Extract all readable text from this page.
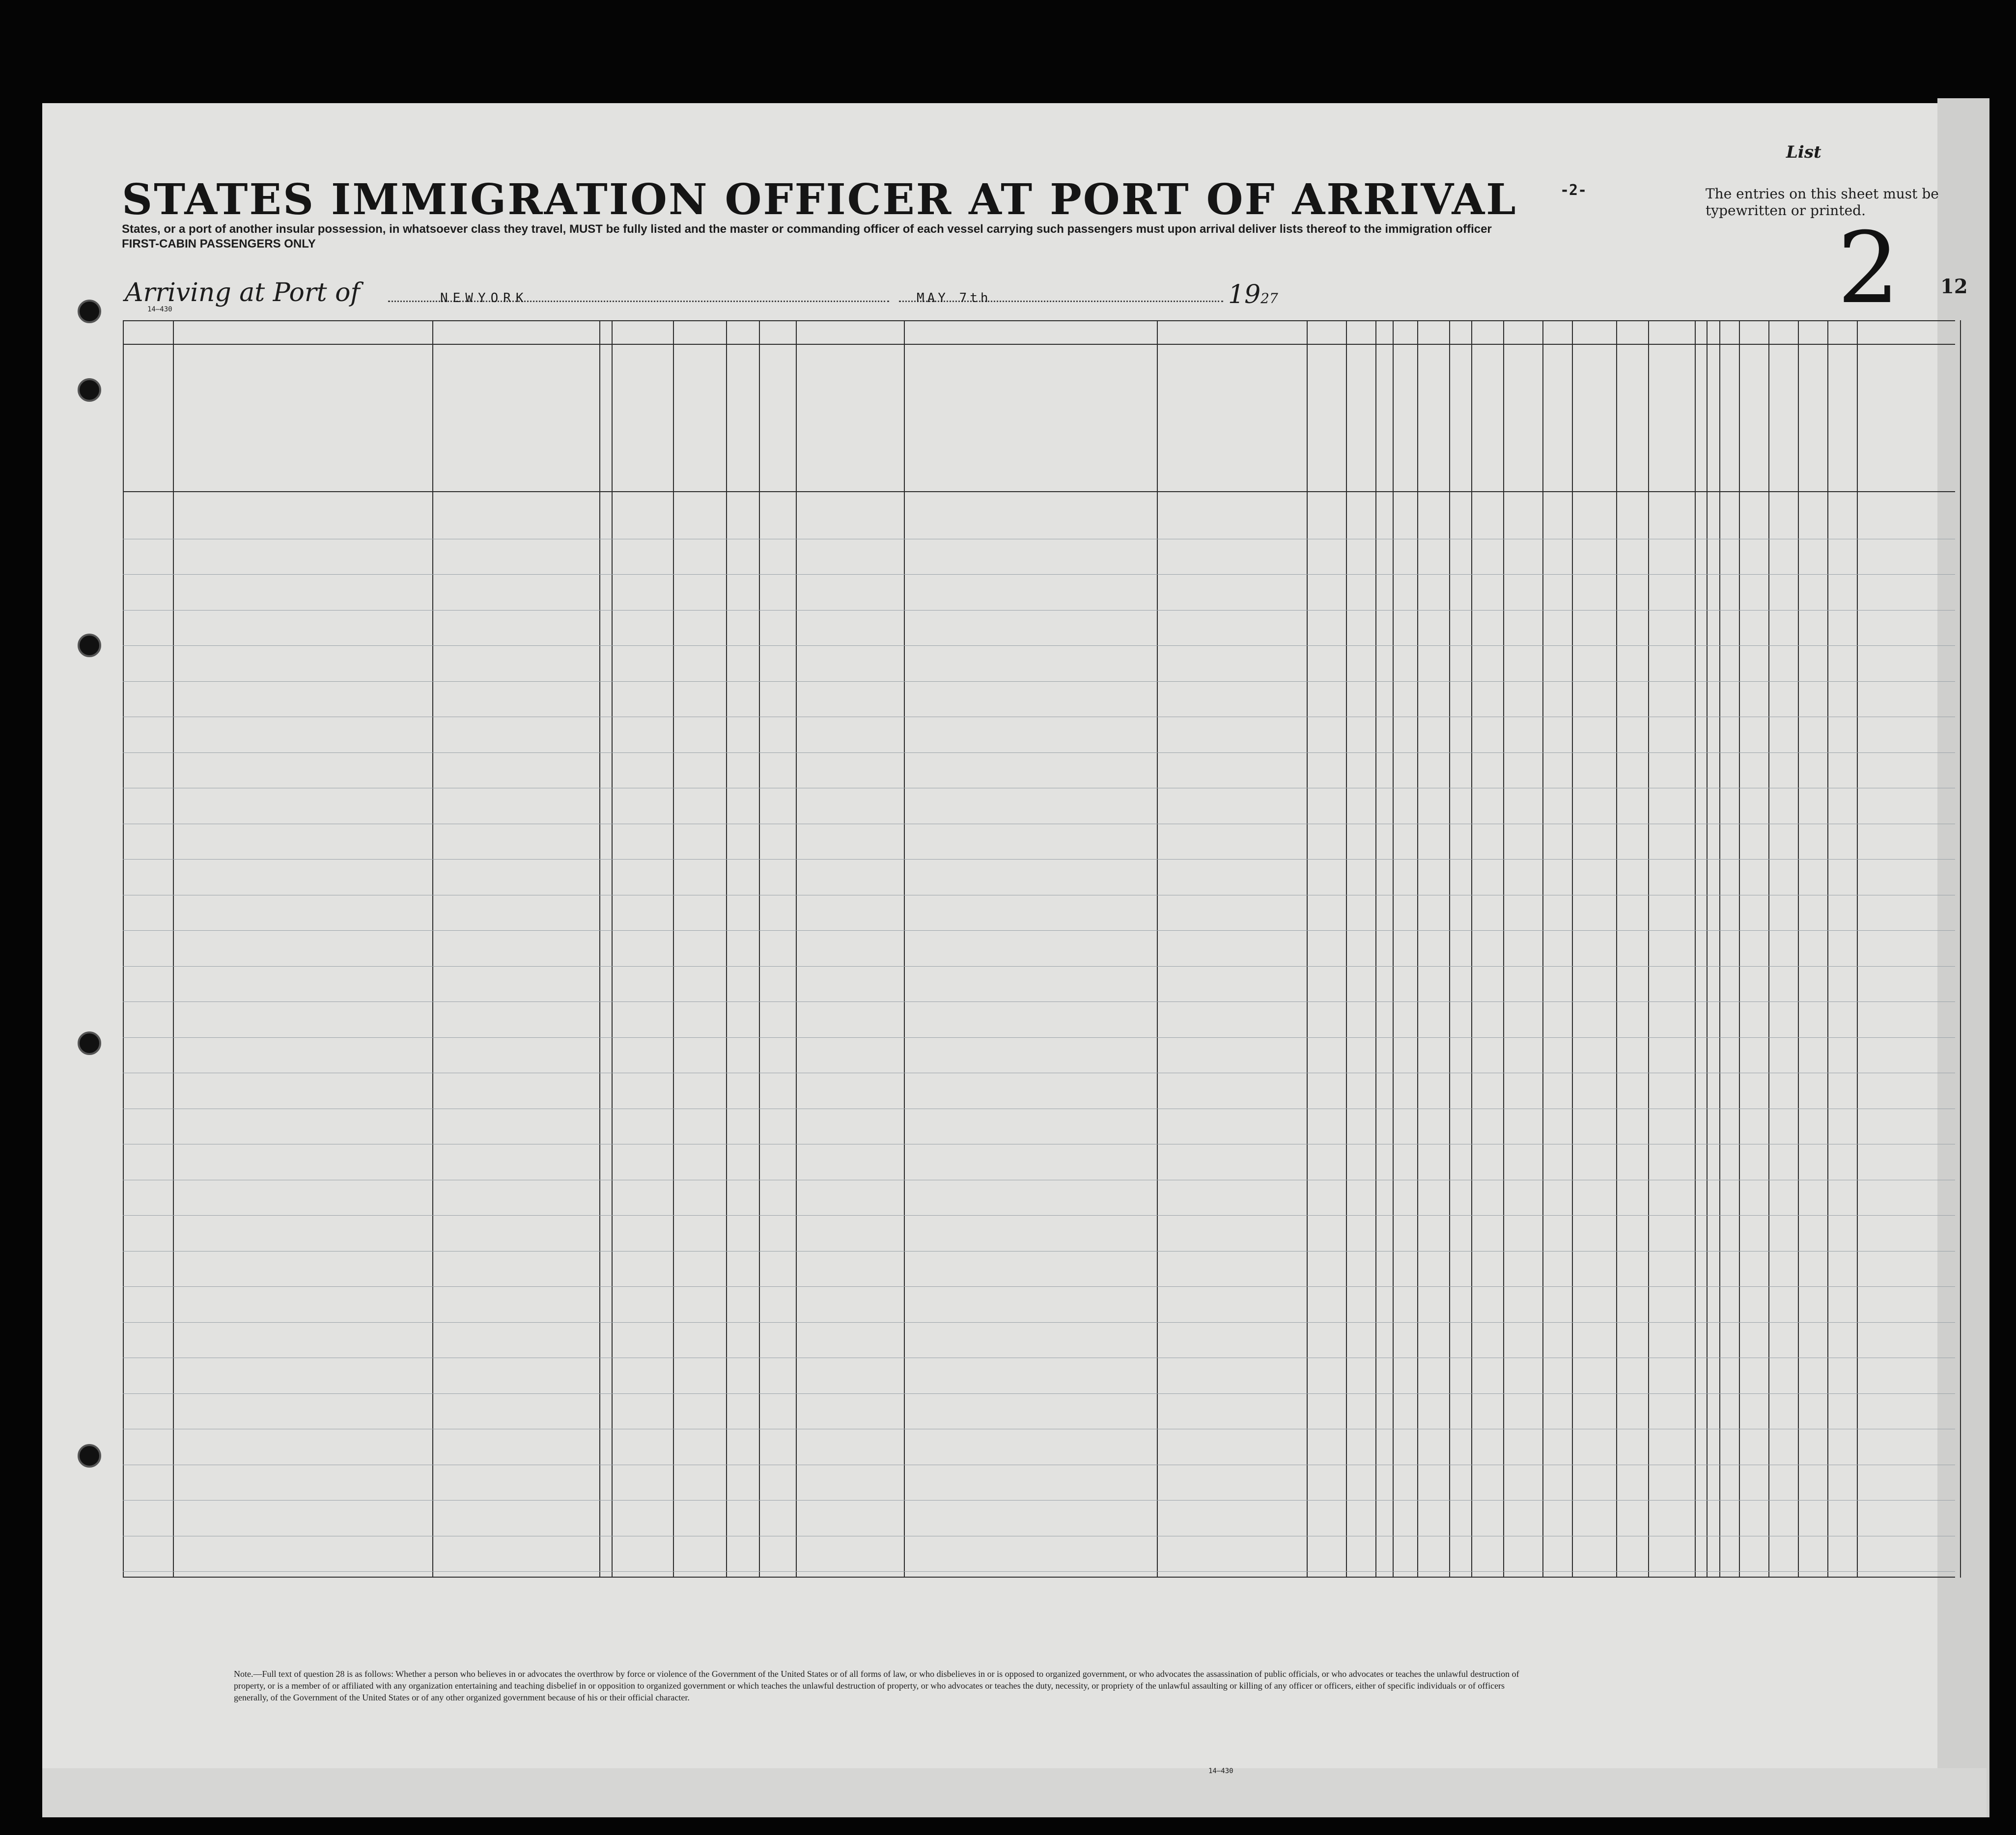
STATES IMMIGRATION OFFICER AT PORT OF ARRIVAL	-2-
List
The entries on this sheet must be typewritten or printed.
2 12
States, or a port of another insular possession, in whatsoever class they travel, MUST be fully listed and the master or commanding officer of each vessel carrying such passengers must upon arrival deliver lists thereof to the immigration officer
FIRST-CABIN PASSENGERS ONLY
Arriving at Port of	NEWYORK	MAY 7th	1927
14—430
Note.—Full text of question 28 is as follows: Whether a person who believes in or advocates the overthrow by force or violence of the Government of the United States or of all forms of law, or who disbelieves in or is opposed to organized government, or who advocates the assassination of public officials, or who advocates or teaches the unlawful destruction of property, or is a member of or affiliated with any organization entertaining and teaching disbelief in or opposition to organized government or which teaches the unlawful destruction of property, or who advocates or teaches the duty, necessity, or propriety of the unlawful assaulting or killing of any officer or officers, either of specific individuals or of officers generally, of the Government of the United States or of any other organized government because of his or their official character.
14—430
